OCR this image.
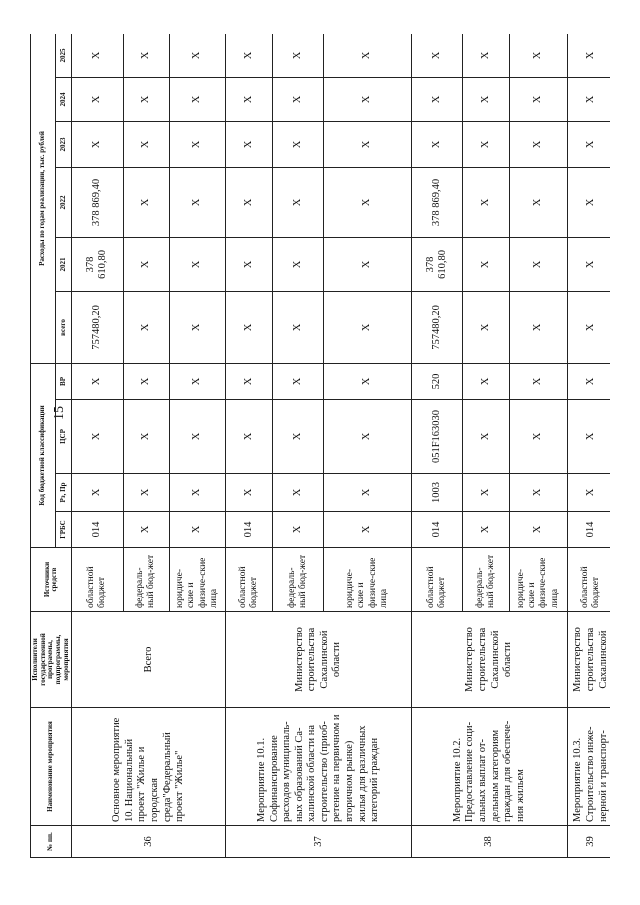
15
№ пп.	Наименование мероприятия	Исполнители государственной программы, подпрограммы, мероприятия	Источники средств	Код бюджетной классификации				Расходы по годам реализации, тыс. рублей					
				ГРБС	Рз, Пр	ЦСР	ВР	всего	2021	2022	2023	2024	2025
36	Основное мероприятие 10. Национальный проект "Жилье и городская среда"Федеральный проект "Жилье"	Всего	областной бюджет	014	Х	Х	Х	757480,20	378 610,80	378 869,40	Х	Х	Х
			федераль-ный бюд-жет	Х	Х	Х	Х	Х	Х	Х	Х	Х	Х
			юридиче-ские и физиче-ские лица	Х	Х	Х	Х	Х	Х	Х	Х	Х	Х
37	Мероприятие 10.1. Софинансирование расходов муниципаль-ных образований Са-халинской области на строительство (приоб-ретение на первичном и вторичном рынке) жилья для различных категорий граждан	Министерство строительства Сахалинской области	областной бюджет	014	Х	Х	Х	Х	Х	Х	Х	Х	Х
			федераль-ный бюд-жет	Х	Х	Х	Х	Х	Х	Х	Х	Х	Х
			юридиче-ские и физиче-ские лица	Х	Х	Х	Х	Х	Х	Х	Х	Х	Х
38	Мероприятие 10.2. Предоставление соци-альных выплат от-дельным категориям граждан для обеспече-ния жильем	Министерство строительства Сахалинской области	областной бюджет	014	1003	051F163030	520	757480,20	378 610,80	378 869,40	Х	Х	Х
			федераль-ный бюд-жет	Х	Х	Х	Х	Х	Х	Х	Х	Х	Х
			юридиче-ские и физиче-ские лица	Х	Х	Х	Х	Х	Х	Х	Х	Х	Х
39	Мероприятие 10.3. Строительство инже-нерной и транспорт-	Министерство строительства Сахалинской	областной бюджет	014	Х	Х	Х	Х	Х	Х	Х	Х	Х
